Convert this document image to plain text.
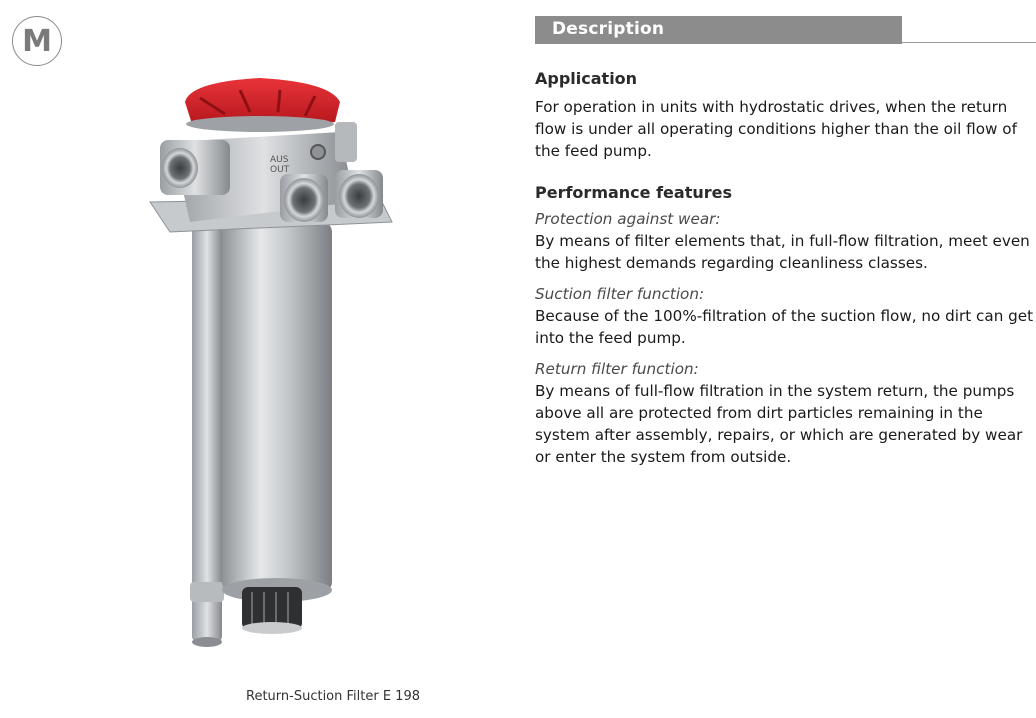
M
AUS
OUT
Return-Suction Filter E 198
Description
Application

For operation in units with hydrostatic drives, when the return flow is under all operating conditions higher than the oil flow of the feed pump.

Performance features

Protection against wear:

By means of filter elements that, in full-flow filtration, meet even the highest demands regarding cleanliness classes.

Suction filter function:

Because of the 100%-filtration of the suction flow, no dirt can get into the feed pump.

Return filter function:

By means of full-flow filtration in the system return, the pumps above all are protected from dirt particles remaining in the system after assembly, repairs, or which are generated by wear or enter the system from outside.
